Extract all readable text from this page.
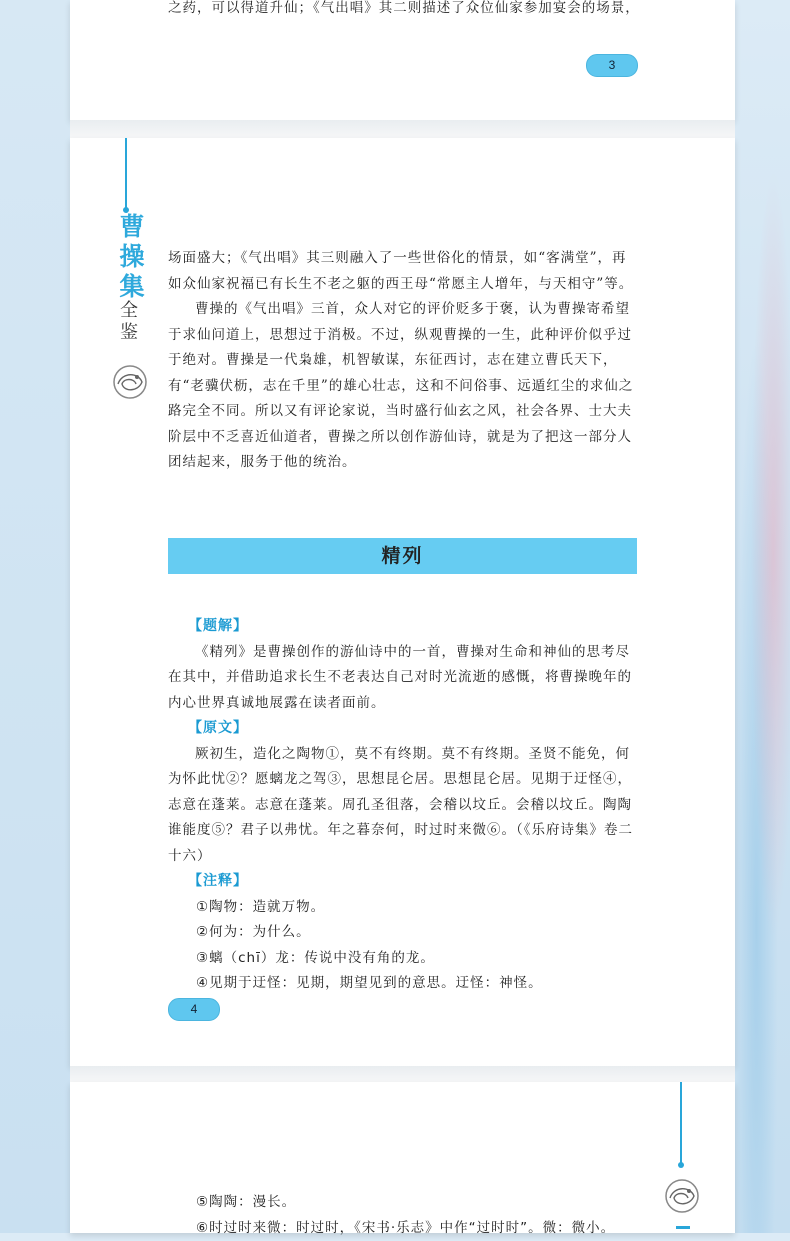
之药，可以得道升仙；《气出唱》其二则描述了众位仙家参加宴会的场景，
3
曹
操
集
全
鉴

场面盛大；《气出唱》其三则融入了一些世俗化的情景，如“客满堂”，再如众仙家祝福已有长生不老之躯的西王母“常愿主人增年，与天相守”等。

曹操的《气出唱》三首，众人对它的评价贬多于褒，认为曹操寄希望于求仙问道上，思想过于消极。不过，纵观曹操的一生，此种评价似乎过于绝对。曹操是一代枭雄，机智敏谋，东征西讨，志在建立曹氏天下，有“老骥伏枥，志在千里”的雄心壮志，这和不问俗事、远遁红尘的求仙之路完全不同。所以又有评论家说，当时盛行仙玄之风，社会各界、士大夫阶层中不乏喜近仙道者，曹操之所以创作游仙诗，就是为了把这一部分人团结起来，服务于他的统治。

精列
【题解】

《精列》是曹操创作的游仙诗中的一首，曹操对生命和神仙的思考尽在其中，并借助追求长生不老表达自己对时光流逝的感慨，将曹操晚年的内心世界真诚地展露在读者面前。

【原文】

厥初生，造化之陶物①，莫不有终期。莫不有终期。圣贤不能免，何为怀此忧②？愿螭龙之驾③，思想昆仑居。思想昆仑居。见期于迂怪④，志意在蓬莱。志意在蓬莱。周孔圣徂落，会稽以坟丘。会稽以坟丘。陶陶谁能度⑤？君子以弗忧。年之暮奈何，时过时来微⑥。（《乐府诗集》卷二十六）

【注释】

①陶物：造就万物。

②何为：为什么。

③螭（chī）龙：传说中没有角的龙。

④见期于迂怪：见期，期望见到的意思。迂怪：神怪。

4

⑤陶陶：漫长。

⑥时过时来微：时过时，《宋书·乐志》中作“过时时”。微：微小。
